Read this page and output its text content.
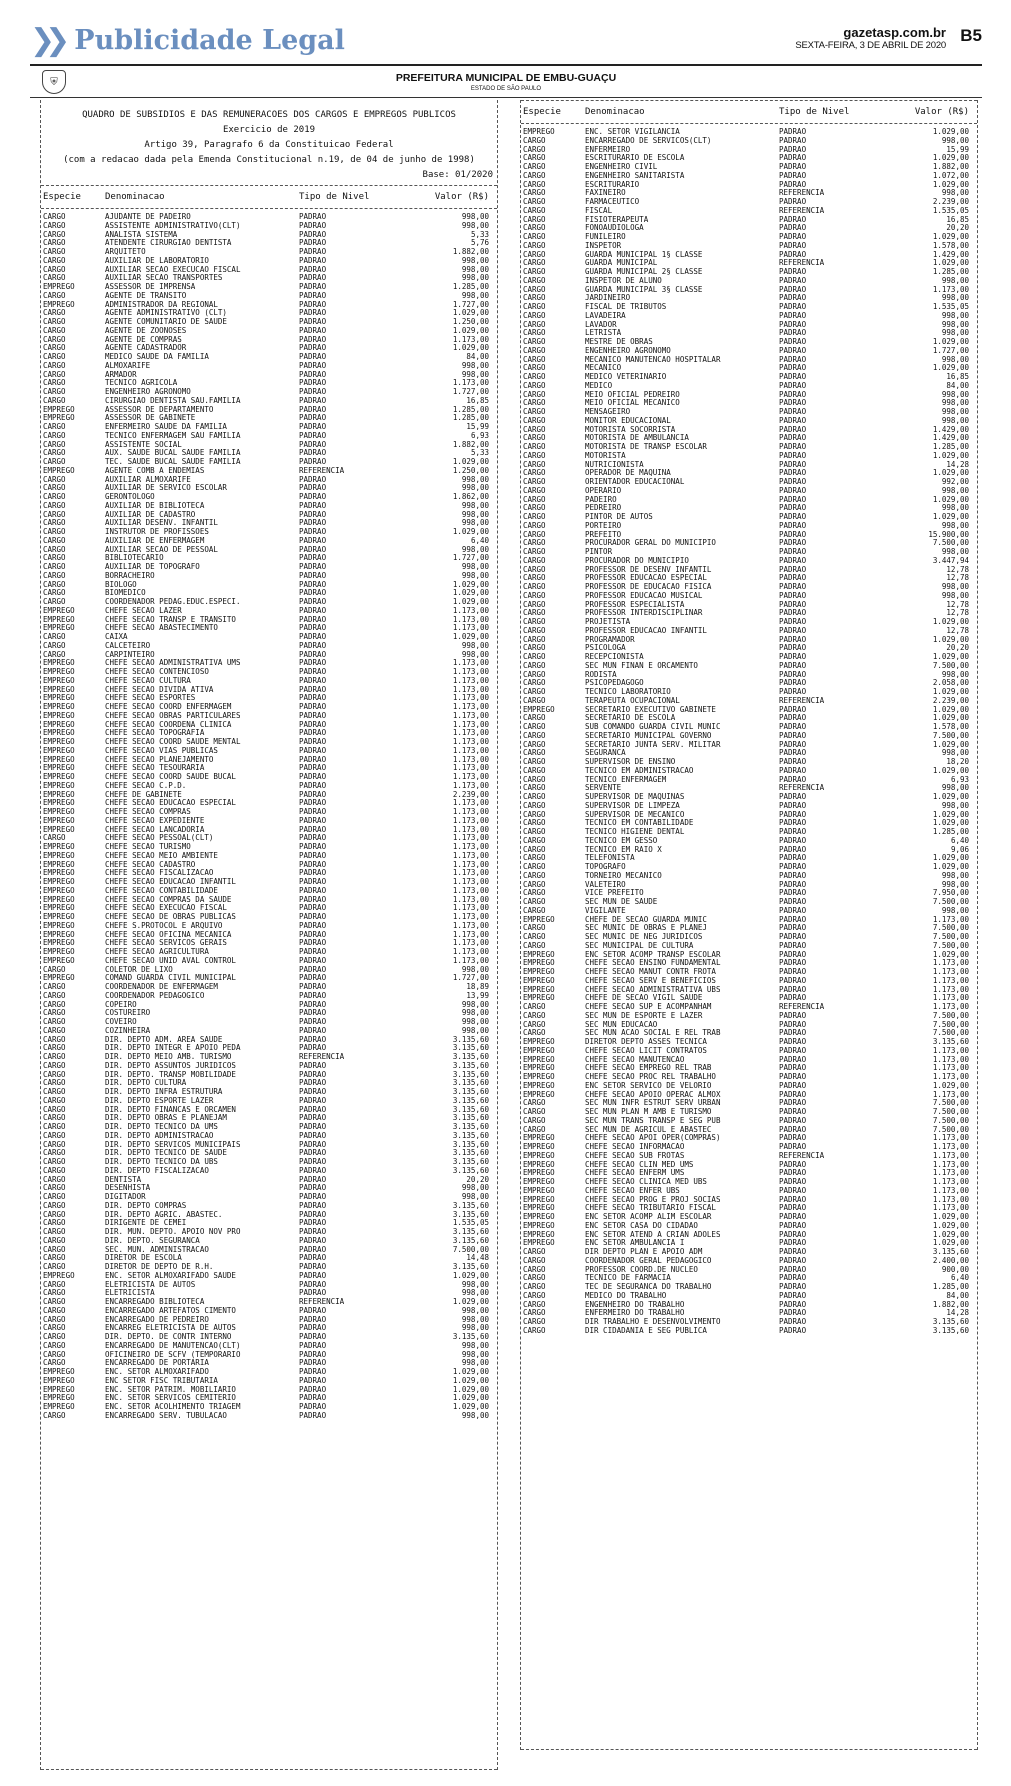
❯❯ Publicidade Legal	gazetasp.com.br
SEXTA-FEIRA, 3 DE ABRIL DE 2020
B5
⛨	PREFEITURA MUNICIPAL DE EMBU-GUAÇU
ESTADO DE SÃO PAULO
QUADRO DE SUBSIDIOS E DAS REMUNERACOES DOS CARGOS E EMPREGOS PUBLICOS
Exercicio de 2019
Artigo 39, Paragrafo 6 da Constituicao Federal
(com a redacao dada pela Emenda Constitucional n.19, de 04 de junho de 1998)
Base: 01/2020
Especie	Denominacao	Tipo de Nivel	Valor (R$)
CARGO	AJUDANTE DE PADEIRO	PADRAO	998,00
CARGO	ASSISTENTE ADMINISTRATIVO(CLT)	PADRAO	998,00
CARGO	ANALISTA SISTEMA	PADRAO	5,33
CARGO	ATENDENTE CIRURGIAO DENTISTA	PADRAO	5,76
CARGO	ARQUITETO	PADRAO	1.882,00
CARGO	AUXILIAR DE LABORATORIO	PADRAO	998,00
CARGO	AUXILIAR SECAO EXECUCAO FISCAL	PADRAO	998,00
CARGO	AUXILIAR SECAO TRANSPORTES	PADRAO	998,00
EMPREGO	ASSESSOR DE IMPRENSA	PADRAO	1.285,00
CARGO	AGENTE DE TRANSITO	PADRAO	998,00
EMPREGO	ADMINISTRADOR DA REGIONAL	PADRAO	1.727,00
CARGO	AGENTE ADMINISTRATIVO (CLT)	PADRAO	1.029,00
CARGO	AGENTE COMUNITARIO DE SAUDE	PADRAO	1.250,00
CARGO	AGENTE DE ZOONOSES	PADRAO	1.029,00
CARGO	AGENTE DE COMPRAS	PADRAO	1.173,00
CARGO	AGENTE CADASTRADOR	PADRAO	1.029,00
CARGO	MEDICO SAUDE DA FAMILIA	PADRAO	84,00
CARGO	ALMOXARIFE	PADRAO	998,00
CARGO	ARMADOR	PADRAO	998,00
CARGO	TECNICO AGRICOLA	PADRAO	1.173,00
CARGO	ENGENHEIRO AGRONOMO	PADRAO	1.727,00
CARGO	CIRURGIAO DENTISTA SAU.FAMILIA	PADRAO	16,85
EMPREGO	ASSESSOR DE DEPARTAMENTO	PADRAO	1.285,00
EMPREGO	ASSESSOR DE GABINETE	PADRAO	1.285,00
CARGO	ENFERMEIRO SAUDE DA FAMILIA	PADRAO	15,99
CARGO	TECNICO ENFERMAGEM SAU FAMILIA	PADRAO	6,93
CARGO	ASSISTENTE SOCIAL	PADRAO	1.882,00
CARGO	AUX. SAUDE BUCAL SAUDE FAMILIA	PADRAO	5,33
CARGO	TEC. SAUDE BUCAL SAUDE FAMILIA	PADRAO	1.029,00
EMPREGO	AGENTE COMB A ENDEMIAS	REFERENCIA	1.250,00
CARGO	AUXILIAR ALMOXARIFE	PADRAO	998,00
CARGO	AUXILIAR DE SERVICO ESCOLAR	PADRAO	998,00
CARGO	GERONTOLOGO	PADRAO	1.862,00
CARGO	AUXILIAR DE BIBLIOTECA	PADRAO	998,00
CARGO	AUXILIAR DE CADASTRO	PADRAO	998,00
CARGO	AUXILIAR DESENV. INFANTIL	PADRAO	998,00
CARGO	INSTRUTOR DE PROFISSOES	PADRAO	1.029,00
CARGO	AUXILIAR DE ENFERMAGEM	PADRAO	6,40
CARGO	AUXILIAR SECAO DE PESSOAL	PADRAO	998,00
CARGO	BIBLIOTECARIO	PADRAO	1.727,00
CARGO	AUXILIAR DE TOPOGRAFO	PADRAO	998,00
CARGO	BORRACHEIRO	PADRAO	998,00
CARGO	BIOLOGO	PADRAO	1.029,00
CARGO	BIOMEDICO	PADRAO	1.029,00
CARGO	COORDENADOR PEDAG.EDUC.ESPECI.	PADRAO	1.029,00
EMPREGO	CHEFE SECAO LAZER	PADRAO	1.173,00
EMPREGO	CHEFE SECAO TRANSP E TRANSITO	PADRAO	1.173,00
EMPREGO	CHEFE SECAO ABASTECIMENTO	PADRAO	1.173,00
CARGO	CAIXA	PADRAO	1.029,00
CARGO	CALCETEIRO	PADRAO	998,00
CARGO	CARPINTEIRO	PADRAO	998,00
EMPREGO	CHEFE SECAO ADMINISTRATIVA UMS	PADRAO	1.173,00
EMPREGO	CHEFE SECAO CONTENCIOSO	PADRAO	1.173,00
EMPREGO	CHEFE SECAO CULTURA	PADRAO	1.173,00
EMPREGO	CHEFE SECAO DIVIDA ATIVA	PADRAO	1.173,00
EMPREGO	CHEFE SECAO ESPORTES	PADRAO	1.173,00
EMPREGO	CHEFE SECAO COORD ENFERMAGEM	PADRAO	1.173,00
EMPREGO	CHEFE SECAO OBRAS PARTICULARES	PADRAO	1.173,00
EMPREGO	CHEFE SECAO COORDENA CLINICA	PADRAO	1.173,00
EMPREGO	CHEFE SECAO TOPOGRAFIA	PADRAO	1.173,00
EMPREGO	CHEFE SECAO COORD SAUDE MENTAL	PADRAO	1.173,00
EMPREGO	CHEFE SECAO VIAS PUBLICAS	PADRAO	1.173,00
EMPREGO	CHEFE SECAO PLANEJAMENTO	PADRAO	1.173,00
EMPREGO	CHEFE SECAO TESOURARIA	PADRAO	1.173,00
EMPREGO	CHEFE SECAO COORD SAUDE BUCAL	PADRAO	1.173,00
EMPREGO	CHEFE SECAO C.P.D.	PADRAO	1.173,00
EMPREGO	CHEFE DE GABINETE	PADRAO	2.239,00
EMPREGO	CHEFE SECAO EDUCACAO ESPECIAL	PADRAO	1.173,00
EMPREGO	CHEFE SECAO COMPRAS	PADRAO	1.173,00
EMPREGO	CHEFE SECAO EXPEDIENTE	PADRAO	1.173,00
EMPREGO	CHEFE SECAO LANCADORIA	PADRAO	1.173,00
CARGO	CHEFE SECAO PESSOAL(CLT)	PADRAO	1.173,00
EMPREGO	CHEFE SECAO TURISMO	PADRAO	1.173,00
EMPREGO	CHEFE SECAO MEIO AMBIENTE	PADRAO	1.173,00
EMPREGO	CHEFE SECAO CADASTRO	PADRAO	1.173,00
EMPREGO	CHEFE SECAO FISCALIZACAO	PADRAO	1.173,00
EMPREGO	CHEFE SECAO EDUCACAO INFANTIL	PADRAO	1.173,00
EMPREGO	CHEFE SECAO CONTABILIDADE	PADRAO	1.173,00
EMPREGO	CHEFE SECAO COMPRAS DA SAUDE	PADRAO	1.173,00
EMPREGO	CHEFE SECAO EXECUCAO FISCAL	PADRAO	1.173,00
EMPREGO	CHEFE SECAO DE OBRAS PUBLICAS	PADRAO	1.173,00
EMPREGO	CHEFE S.PROTOCOL E ARQUIVO	PADRAO	1.173,00
EMPREGO	CHEFE SECAO OFICINA MECANICA	PADRAO	1.173,00
EMPREGO	CHEFE SECAO SERVICOS GERAIS	PADRAO	1.173,00
EMPREGO	CHEFE SECAO AGRICULTURA	PADRAO	1.173,00
EMPREGO	CHEFE SECAO UNID AVAL CONTROL	PADRAO	1.173,00
CARGO	COLETOR DE LIXO	PADRAO	998,00
EMPREGO	COMAND GUARDA CIVIL MUNICIPAL	PADRAO	1.727,00
CARGO	COORDENADOR DE ENFERMAGEM	PADRAO	18,89
CARGO	COORDENADOR PEDAGOGICO	PADRAO	13,99
CARGO	COPEIRO	PADRAO	998,00
CARGO	COSTUREIRO	PADRAO	998,00
CARGO	COVEIRO	PADRAO	998,00
CARGO	COZINHEIRA	PADRAO	998,00
CARGO	DIR. DEPTO ADM. AREA SAUDE	PADRAO	3.135,60
CARGO	DIR. DEPTO INTEGR E APOIO PEDA	PADRAO	3.135,60
CARGO	DIR. DEPTO MEIO AMB. TURISMO	REFERENCIA	3.135,60
CARGO	DIR. DEPTO ASSUNTOS JURIDICOS	PADRAO	3.135,60
CARGO	DIR. DEPTO. TRANSP MOBILIDADE	PADRAO	3.135,60
CARGO	DIR. DEPTO CULTURA	PADRAO	3.135,60
CARGO	DIR. DEPTO INFRA ESTRUTURA	PADRAO	3.135,60
CARGO	DIR. DEPTO ESPORTE LAZER	PADRAO	3.135,60
CARGO	DIR. DEPTO FINANCAS E ORCAMEN	PADRAO	3.135,60
CARGO	DIR. DEPTO OBRAS E PLANEJAM	PADRAO	3.135,60
CARGO	DIR. DEPTO TECNICO DA UMS	PADRAO	3.135,60
CARGO	DIR. DEPTO ADMINISTRACAO	PADRAO	3.135,60
CARGO	DIR. DEPTO SERVICOS MUNICIPAIS	PADRAO	3.135,60
CARGO	DIR. DEPTO TECNICO DE SAUDE	PADRAO	3.135,60
CARGO	DIR. DEPTO TECNICO DA UBS	PADRAO	3.135,60
CARGO	DIR. DEPTO FISCALIZACAO	PADRAO	3.135,60
CARGO	DENTISTA	PADRAO	20,20
CARGO	DESENHISTA	PADRAO	998,00
CARGO	DIGITADOR	PADRAO	998,00
CARGO	DIR. DEPTO COMPRAS	PADRAO	3.135,60
CARGO	DIR. DEPTO AGRIC. ABASTEC.	PADRAO	3.135,60
CARGO	DIRIGENTE DE CEMEI	PADRAO	1.535,05
CARGO	DIR. MUN. DEPTO. APOIO NOV PRO	PADRAO	3.135,60
CARGO	DIR. DEPTO. SEGURANCA	PADRAO	3.135,60
CARGO	SEC. MUN. ADMINISTRACAO	PADRAO	7.500,00
CARGO	DIRETOR DE ESCOLA	PADRAO	14,48
CARGO	DIRETOR DE DEPTO DE R.H.	PADRAO	3.135,60
EMPREGO	ENC. SETOR ALMOXARIFADO SAUDE	PADRAO	1.029,00
CARGO	ELETRICISTA DE AUTOS	PADRAO	998,00
CARGO	ELETRICISTA	PADRAO	998,00
CARGO	ENCARREGADO BIBLIOTECA	REFERENCIA	1.029,00
CARGO	ENCARREGADO ARTEFATOS CIMENTO	PADRAO	998,00
CARGO	ENCARREGADO DE PEDREIRO	PADRAO	998,00
CARGO	ENCARREG ELETRICISTA DE AUTOS	PADRAO	998,00
CARGO	DIR. DEPTO. DE CONTR INTERNO	PADRAO	3.135,60
CARGO	ENCARREGADO DE MANUTENCAO(CLT)	PADRAO	998,00
CARGO	OFICINEIRO DE SCFV (TEMPORARIO	PADRAO	998,00
CARGO	ENCARREGADO DE PORTARIA	PADRAO	998,00
EMPREGO	ENC. SETOR ALMOXARIFADO	PADRAO	1.029,00
EMPREGO	ENC SETOR FISC TRIBUTARIA	PADRAO	1.029,00
EMPREGO	ENC. SETOR PATRIM. MOBILIARIO	PADRAO	1.029,00
EMPREGO	ENC. SETOR SERVICOS CEMITERIO	PADRAO	1.029,00
EMPREGO	ENC. SETOR ACOLHIMENTO TRIAGEM	PADRAO	1.029,00
CARGO	ENCARREGADO SERV. TUBULACAO	PADRAO	998,00
Especie	Denominacao	Tipo de Nivel	Valor (R$)
EMPREGO	ENC. SETOR VIGILANCIA	PADRAO	1.029,00
CARGO	ENCARREGADO DE SERVICOS(CLT)	PADRAO	998,00
CARGO	ENFERMEIRO	PADRAO	15,99
CARGO	ESCRITURARIO DE ESCOLA	PADRAO	1.029,00
CARGO	ENGENHEIRO CIVIL	PADRAO	1.882,00
CARGO	ENGENHEIRO SANITARISTA	PADRAO	1.072,00
CARGO	ESCRITURARIO	PADRAO	1.029,00
CARGO	FAXINEIRO	REFERENCIA	998,00
CARGO	FARMACEUTICO	PADRAO	2.239,00
CARGO	FISCAL	REFERENCIA	1.535,05
CARGO	FISIOTERAPEUTA	PADRAO	16,85
CARGO	FONOAUDIOLOGA	PADRAO	20,20
CARGO	FUNILEIRO	PADRAO	1.029,00
CARGO	INSPETOR	PADRAO	1.578,00
CARGO	GUARDA MUNICIPAL 1§ CLASSE	PADRAO	1.429,00
CARGO	GUARDA MUNICIPAL	REFERENCIA	1.029,00
CARGO	GUARDA MUNICIPAL 2§ CLASSE	PADRAO	1.285,00
CARGO	INSPETOR DE ALUNO	PADRAO	998,00
CARGO	GUARDA MUNICIPAL 3§ CLASSE	PADRAO	1.173,00
CARGO	JARDINEIRO	PADRAO	998,00
CARGO	FISCAL DE TRIBUTOS	PADRAO	1.535,05
CARGO	LAVADEIRA	PADRAO	998,00
CARGO	LAVADOR	PADRAO	998,00
CARGO	LETRISTA	PADRAO	998,00
CARGO	MESTRE DE OBRAS	PADRAO	1.029,00
CARGO	ENGENHEIRO AGRONOMO	PADRAO	1.727,00
CARGO	MECANICO MANUTENCAO HOSPITALAR	PADRAO	998,00
CARGO	MECANICO	PADRAO	1.029,00
CARGO	MEDICO VETERINARIO	PADRAO	16,85
CARGO	MEDICO	PADRAO	84,00
CARGO	MEIO OFICIAL PEDREIRO	PADRAO	998,00
CARGO	MEIO OFICIAL MECANICO	PADRAO	998,00
CARGO	MENSAGEIRO	PADRAO	998,00
CARGO	MONITOR EDUCACIONAL	PADRAO	998,00
CARGO	MOTORISTA SOCORRISTA	PADRAO	1.429,00
CARGO	MOTORISTA DE AMBULANCIA	PADRAO	1.429,00
CARGO	MOTORISTA DE TRANSP ESCOLAR	PADRAO	1.285,00
CARGO	MOTORISTA	PADRAO	1.029,00
CARGO	NUTRICIONISTA	PADRAO	14,28
CARGO	OPERADOR DE MAQUINA	PADRAO	1.029,00
CARGO	ORIENTADOR EDUCACIONAL	PADRAO	992,00
CARGO	OPERARIO	PADRAO	998,00
CARGO	PADEIRO	PADRAO	1.029,00
CARGO	PEDREIRO	PADRAO	998,00
CARGO	PINTOR DE AUTOS	PADRAO	1.029,00
CARGO	PORTEIRO	PADRAO	998,00
CARGO	PREFEITO	PADRAO	15.900,00
CARGO	PROCURADOR GERAL DO MUNICIPIO	PADRAO	7.500,00
CARGO	PINTOR	PADRAO	998,00
CARGO	PROCURADOR DO MUNICIPIO	PADRAO	3.447,94
CARGO	PROFESSOR DE DESENV INFANTIL	PADRAO	12,78
CARGO	PROFESSOR EDUCACAO ESPECIAL	PADRAO	12,78
CARGO	PROFESSOR DE EDUCACAO FISICA	PADRAO	998,00
CARGO	PROFESSOR EDUCACAO MUSICAL	PADRAO	998,00
CARGO	PROFESSOR ESPECIALISTA	PADRAO	12,78
CARGO	PROFESSOR INTERDISCIPLINAR	PADRAO	12,78
CARGO	PROJETISTA	PADRAO	1.029,00
CARGO	PROFESSOR EDUCACAO INFANTIL	PADRAO	12,78
CARGO	PROGRAMADOR	PADRAO	1.029,00
CARGO	PSICOLOGA	PADRAO	20,20
CARGO	RECEPCIONISTA	PADRAO	1.029,00
CARGO	SEC MUN FINAN E ORCAMENTO	PADRAO	7.500,00
CARGO	RODISTA	PADRAO	998,00
CARGO	PSICOPEDAGOGO	PADRAO	2.058,00
CARGO	TECNICO LABORATORIO	PADRAO	1.029,00
CARGO	TERAPEUTA OCUPACIONAL	REFERENCIA	2.239,00
EMPREGO	SECRETARIO EXECUTIVO GABINETE	PADRAO	1.029,00
CARGO	SECRETARIO DE ESCOLA	PADRAO	1.029,00
CARGO	SUB COMANDO GUARDA CIVIL MUNIC	PADRAO	1.578,00
CARGO	SECRETARIO MUNICIPAL GOVERNO	PADRAO	7.500,00
CARGO	SECRETARIO JUNTA SERV. MILITAR	PADRAO	1.029,00
CARGO	SEGURANCA	PADRAO	998,00
CARGO	SUPERVISOR DE ENSINO	PADRAO	18,20
CARGO	TECNICO EM ADMINISTRACAO	PADRAO	1.029,00
CARGO	TECNICO ENFERMAGEM	PADRAO	6,93
CARGO	SERVENTE	REFERENCIA	998,00
CARGO	SUPERVISOR DE MAQUINAS	PADRAO	1.029,00
CARGO	SUPERVISOR DE LIMPEZA	PADRAO	998,00
CARGO	SUPERVISOR DE MECANICO	PADRAO	1.029,00
CARGO	TECNICO EM CONTABILIDADE	PADRAO	1.029,00
CARGO	TECNICO HIGIENE DENTAL	PADRAO	1.285,00
CARGO	TECNICO EM GESSO	PADRAO	6,40
CARGO	TECNICO EM RAIO X	PADRAO	9,06
CARGO	TELEFONISTA	PADRAO	1.029,00
CARGO	TOPOGRAFO	PADRAO	1.029,00
CARGO	TORNEIRO MECANICO	PADRAO	998,00
CARGO	VALETEIRO	PADRAO	998,00
CARGO	VICE PREFEITO	PADRAO	7.950,00
CARGO	SEC MUN DE SAUDE	PADRAO	7.500,00
CARGO	VIGILANTE	PADRAO	998,00
EMPREGO	CHEFE DE SECAO GUARDA MUNIC	PADRAO	1.173,00
CARGO	SEC MUNIC DE OBRAS E PLANEJ	PADRAO	7.500,00
CARGO	SEC MUNIC DE NEG JURIDICOS	PADRAO	7.500,00
CARGO	SEC MUNICIPAL DE CULTURA	PADRAO	7.500,00
EMPREGO	ENC SETOR ACOMP TRANSP ESCOLAR	PADRAO	1.029,00
EMPREGO	CHEFE SECAO ENSINO FUNDAMENTAL	PADRAO	1.173,00
EMPREGO	CHEFE SECAO MANUT CONTR FROTA	PADRAO	1.173,00
EMPREGO	CHEFE SECAO SERV E BENEFICIOS	PADRAO	1.173,00
EMPREGO	CHEFE SECAO ADMINISTRATIVA UBS	PADRAO	1.173,00
EMPREGO	CHEFE DE SECAO VIGIL SAUDE	PADRAO	1.173,00
CARGO	CHEFE SECAO SUP E ACOMPANHAM	REFERENCIA	1.173,00
CARGO	SEC MUN DE ESPORTE E LAZER	PADRAO	7.500,00
CARGO	SEC MUN EDUCACAO	PADRAO	7.500,00
CARGO	SEC MUN ACAO SOCIAL E REL TRAB	PADRAO	7.500,00
EMPREGO	DIRETOR DEPTO ASSES TECNICA	PADRAO	3.135,60
EMPREGO	CHEFE SECAO LICIT CONTRATOS	PADRAO	1.173,00
EMPREGO	CHEFE SECAO MANUTENCAO	PADRAO	1.173,00
EMPREGO	CHEFE SECAO EMPREGO REL TRAB	PADRAO	1.173,00
EMPREGO	CHEFE SECAO PROC REL TRABALHO	PADRAO	1.173,00
EMPREGO	ENC SETOR SERVICO DE VELORIO	PADRAO	1.029,00
EMPREGO	CHEFE SECAO APOIO OPERAC ALMOX	PADRAO	1.173,00
CARGO	SEC MUN INFR ESTRUT SERV URBAN	PADRAO	7.500,00
CARGO	SEC MUN PLAN M AMB E TURISMO	PADRAO	7.500,00
CARGO	SEC MUN TRANS TRANSP E SEG PUB	PADRAO	7.500,00
CARGO	SEC MUN DE AGRICUL E ABASTEC	PADRAO	7.500,00
EMPREGO	CHEFE SECAO APOI OPER(COMPRAS)	PADRAO	1.173,00
EMPREGO	CHEFE SECAO INFORMACAO	PADRAO	1.173,00
EMPREGO	CHEFE SECAO SUB FROTAS	REFERENCIA	1.173,00
EMPREGO	CHEFE SECAO CLIN MED UMS	PADRAO	1.173,00
EMPREGO	CHEFE SECAO ENFERM UMS	PADRAO	1.173,00
EMPREGO	CHEFE SECAO CLINICA MED UBS	PADRAO	1.173,00
EMPREGO	CHEFE SECAO ENFER UBS	PADRAO	1.173,00
EMPREGO	CHEFE SECAO PROG E PROJ SOCIAS	PADRAO	1.173,00
EMPREGO	CHEFE SECAO TRIBUTARIO FISCAL	PADRAO	1.173,00
EMPREGO	ENC SETOR ACOMP ALIM ESCOLAR	PADRAO	1.029,00
EMPREGO	ENC SETOR CASA DO CIDADAO	PADRAO	1.029,00
EMPREGO	ENC SETOR ATEND A CRIAN ADOLES	PADRAO	1.029,00
EMPREGO	ENC SETOR AMBULANCIA I	PADRAO	1.029,00
CARGO	DIR DEPTO PLAN E APOIO ADM	PADRAO	3.135,60
CARGO	COORDENADOR GERAL PEDAGOGICO	PADRAO	2.400,00
CARGO	PROFESSOR COORD.DE NUCLEO	PADRAO	900,00
CARGO	TECNICO DE FARMACIA	PADRAO	6,40
CARGO	TEC DE SEGURANCA DO TRABALHO	PADRAO	1.285,00
CARGO	MEDICO DO TRABALHO	PADRAO	84,00
CARGO	ENGENHEIRO DO TRABALHO	PADRAO	1.882,00
CARGO	ENFERMEIRO DO TRABALHO	PADRAO	14,28
CARGO	DIR TRABALHO E DESENVOLVIMENTO	PADRAO	3.135,60
CARGO	DIR CIDADANIA E SEG PUBLICA	PADRAO	3.135,60
